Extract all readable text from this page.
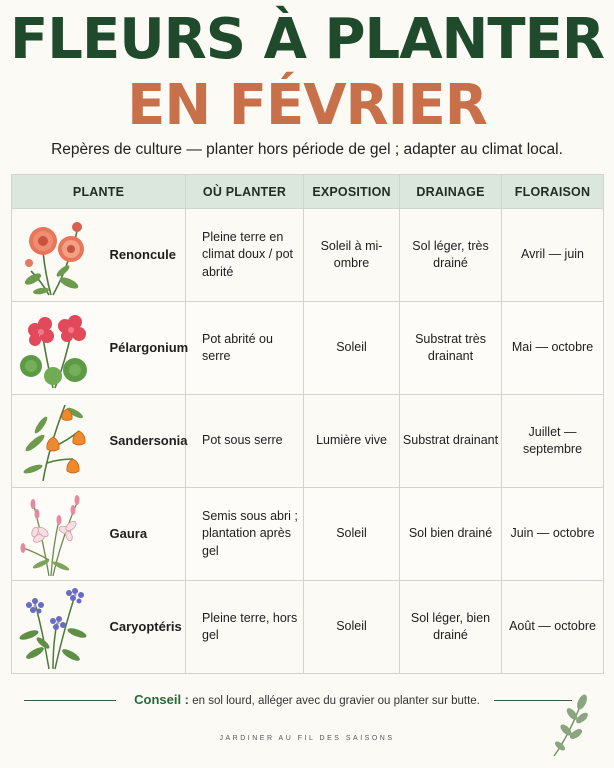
FLEURS À PLANTER
EN FÉVRIER
Repères de culture — planter hors période de gel ; adapter au climat local.
PLANTE		OÙ PLANTER	EXPOSITION	DRAINAGE	FLORAISON

	Renoncule	Pleine terre en climat doux / pot abrité	Soleil à mi-ombre	Sol léger, très drainé	Avril — juin

	Pélargonium	Pot abrité ou serre	Soleil	Substrat très drainant	Mai — octobre

	Sandersonia	Pot sous serre	Lumière vive	Substrat drainant	Juillet — septembre

	Gaura	Semis sous abri ; plantation après gel	Soleil	Sol bien drainé	Juin — octobre

	Caryoptéris	Pleine terre, hors gel	Soleil	Sol léger, bien drainé	Août — octobre
Conseil : en sol lourd, alléger avec du gravier ou planter sur butte.
JARDINER AU FIL DES SAISONS
